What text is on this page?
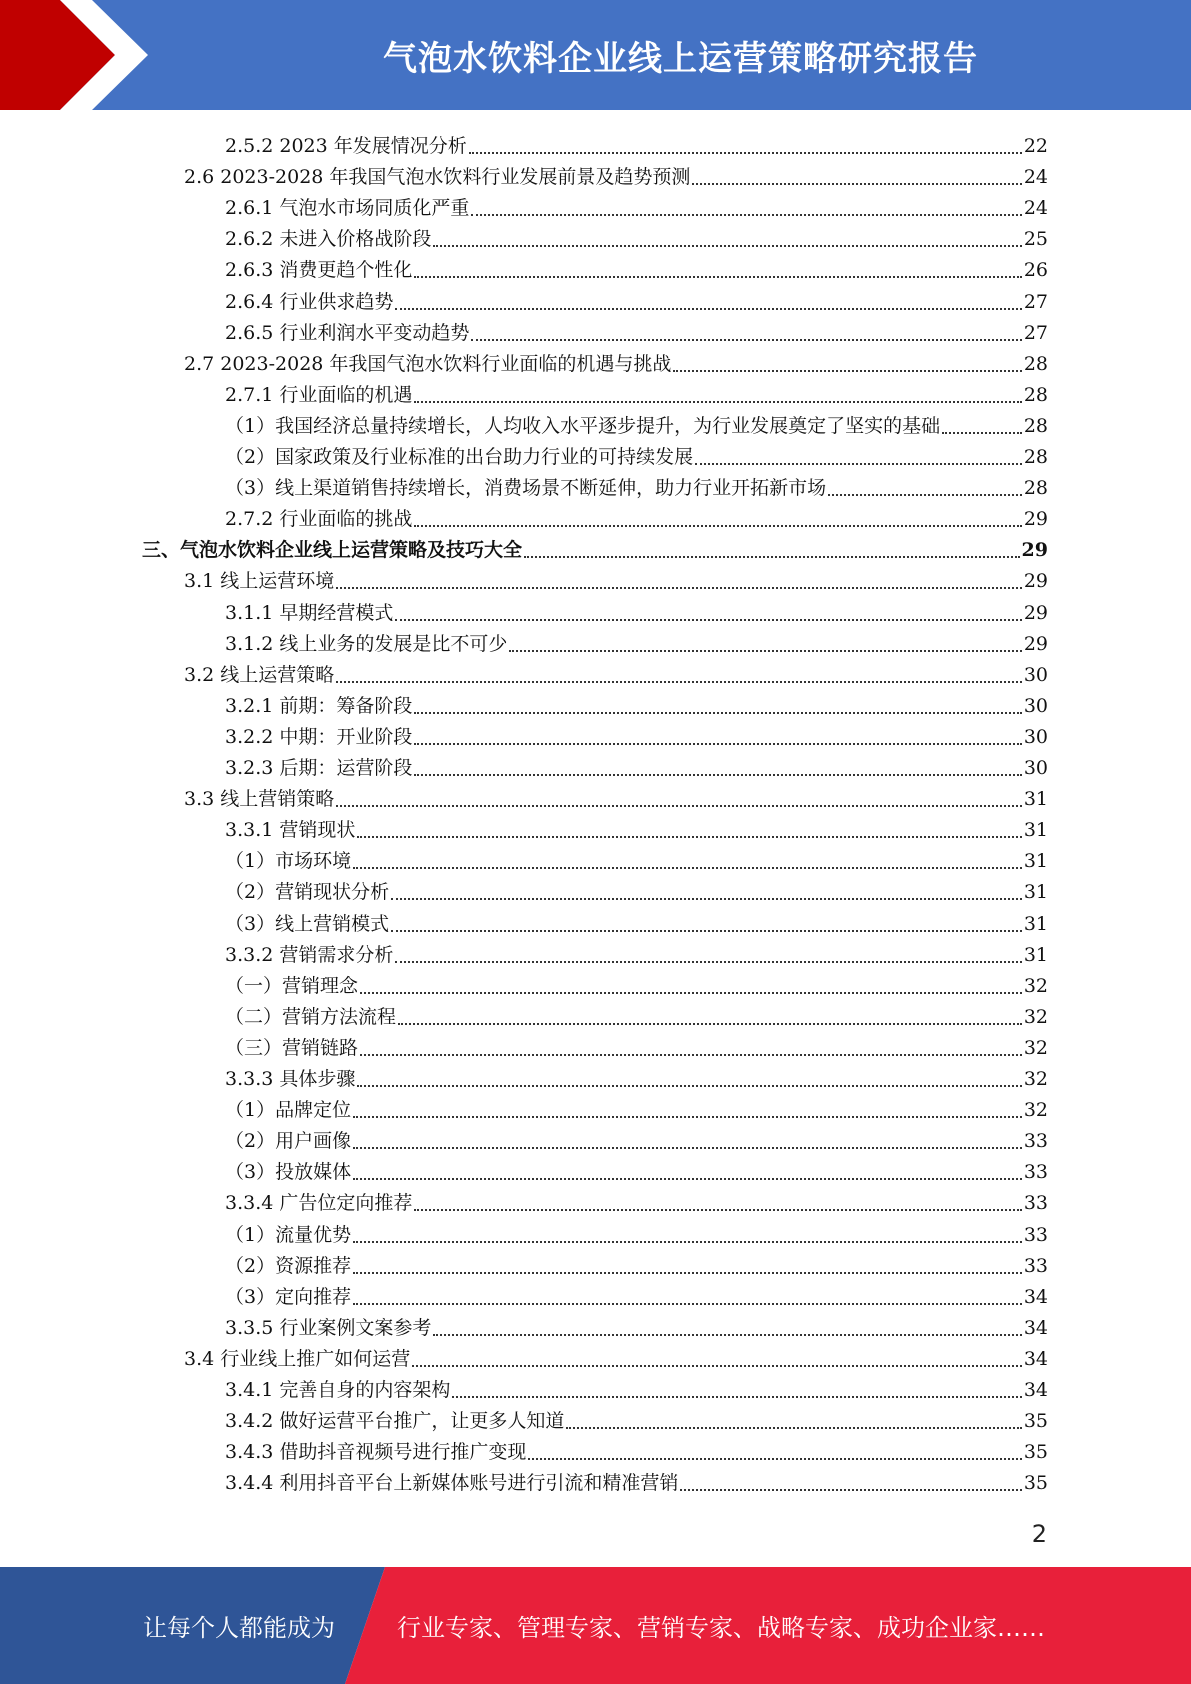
气泡水饮料企业线上运营策略研究报告
2.5.2 2023 年发展情况分析	22
2.6 2023-2028 年我国气泡水饮料行业发展前景及趋势预测	24
2.6.1 气泡水市场同质化严重	24
2.6.2 未进入价格战阶段	25
2.6.3 消费更趋个性化	26
2.6.4 行业供求趋势	27
2.6.5 行业利润水平变动趋势	27
2.7 2023-2028 年我国气泡水饮料行业面临的机遇与挑战	28
2.7.1 行业面临的机遇	28
（1）我国经济总量持续增长，人均收入水平逐步提升，为行业发展奠定了坚实的基础	28
（2）国家政策及行业标准的出台助力行业的可持续发展	28
（3）线上渠道销售持续增长，消费场景不断延伸，助力行业开拓新市场	28
2.7.2 行业面临的挑战	29
三、气泡水饮料企业线上运营策略及技巧大全	29
3.1 线上运营环境	29
3.1.1 早期经营模式	29
3.1.2 线上业务的发展是比不可少	29
3.2 线上运营策略	30
3.2.1 前期：筹备阶段	30
3.2.2 中期：开业阶段	30
3.2.3 后期：运营阶段	30
3.3 线上营销策略	31
3.3.1 营销现状	31
（1）市场环境	31
（2）营销现状分析	31
（3）线上营销模式	31
3.3.2 营销需求分析	31
（一）营销理念	32
（二）营销方法流程	32
（三）营销链路	32
3.3.3 具体步骤	32
（1）品牌定位	32
（2）用户画像	33
（3）投放媒体	33
3.3.4 广告位定向推荐	33
（1）流量优势	33
（2）资源推荐	33
（3）定向推荐	34
3.3.5 行业案例文案参考	34
3.4 行业线上推广如何运营	34
3.4.1 完善自身的内容架构	34
3.4.2 做好运营平台推广，让更多人知道	35
3.4.3 借助抖音视频号进行推广变现	35
3.4.4 利用抖音平台上新媒体账号进行引流和精准营销	35
2
让每个人都能成为	行业专家、管理专家、营销专家、战略专家、成功企业家……
